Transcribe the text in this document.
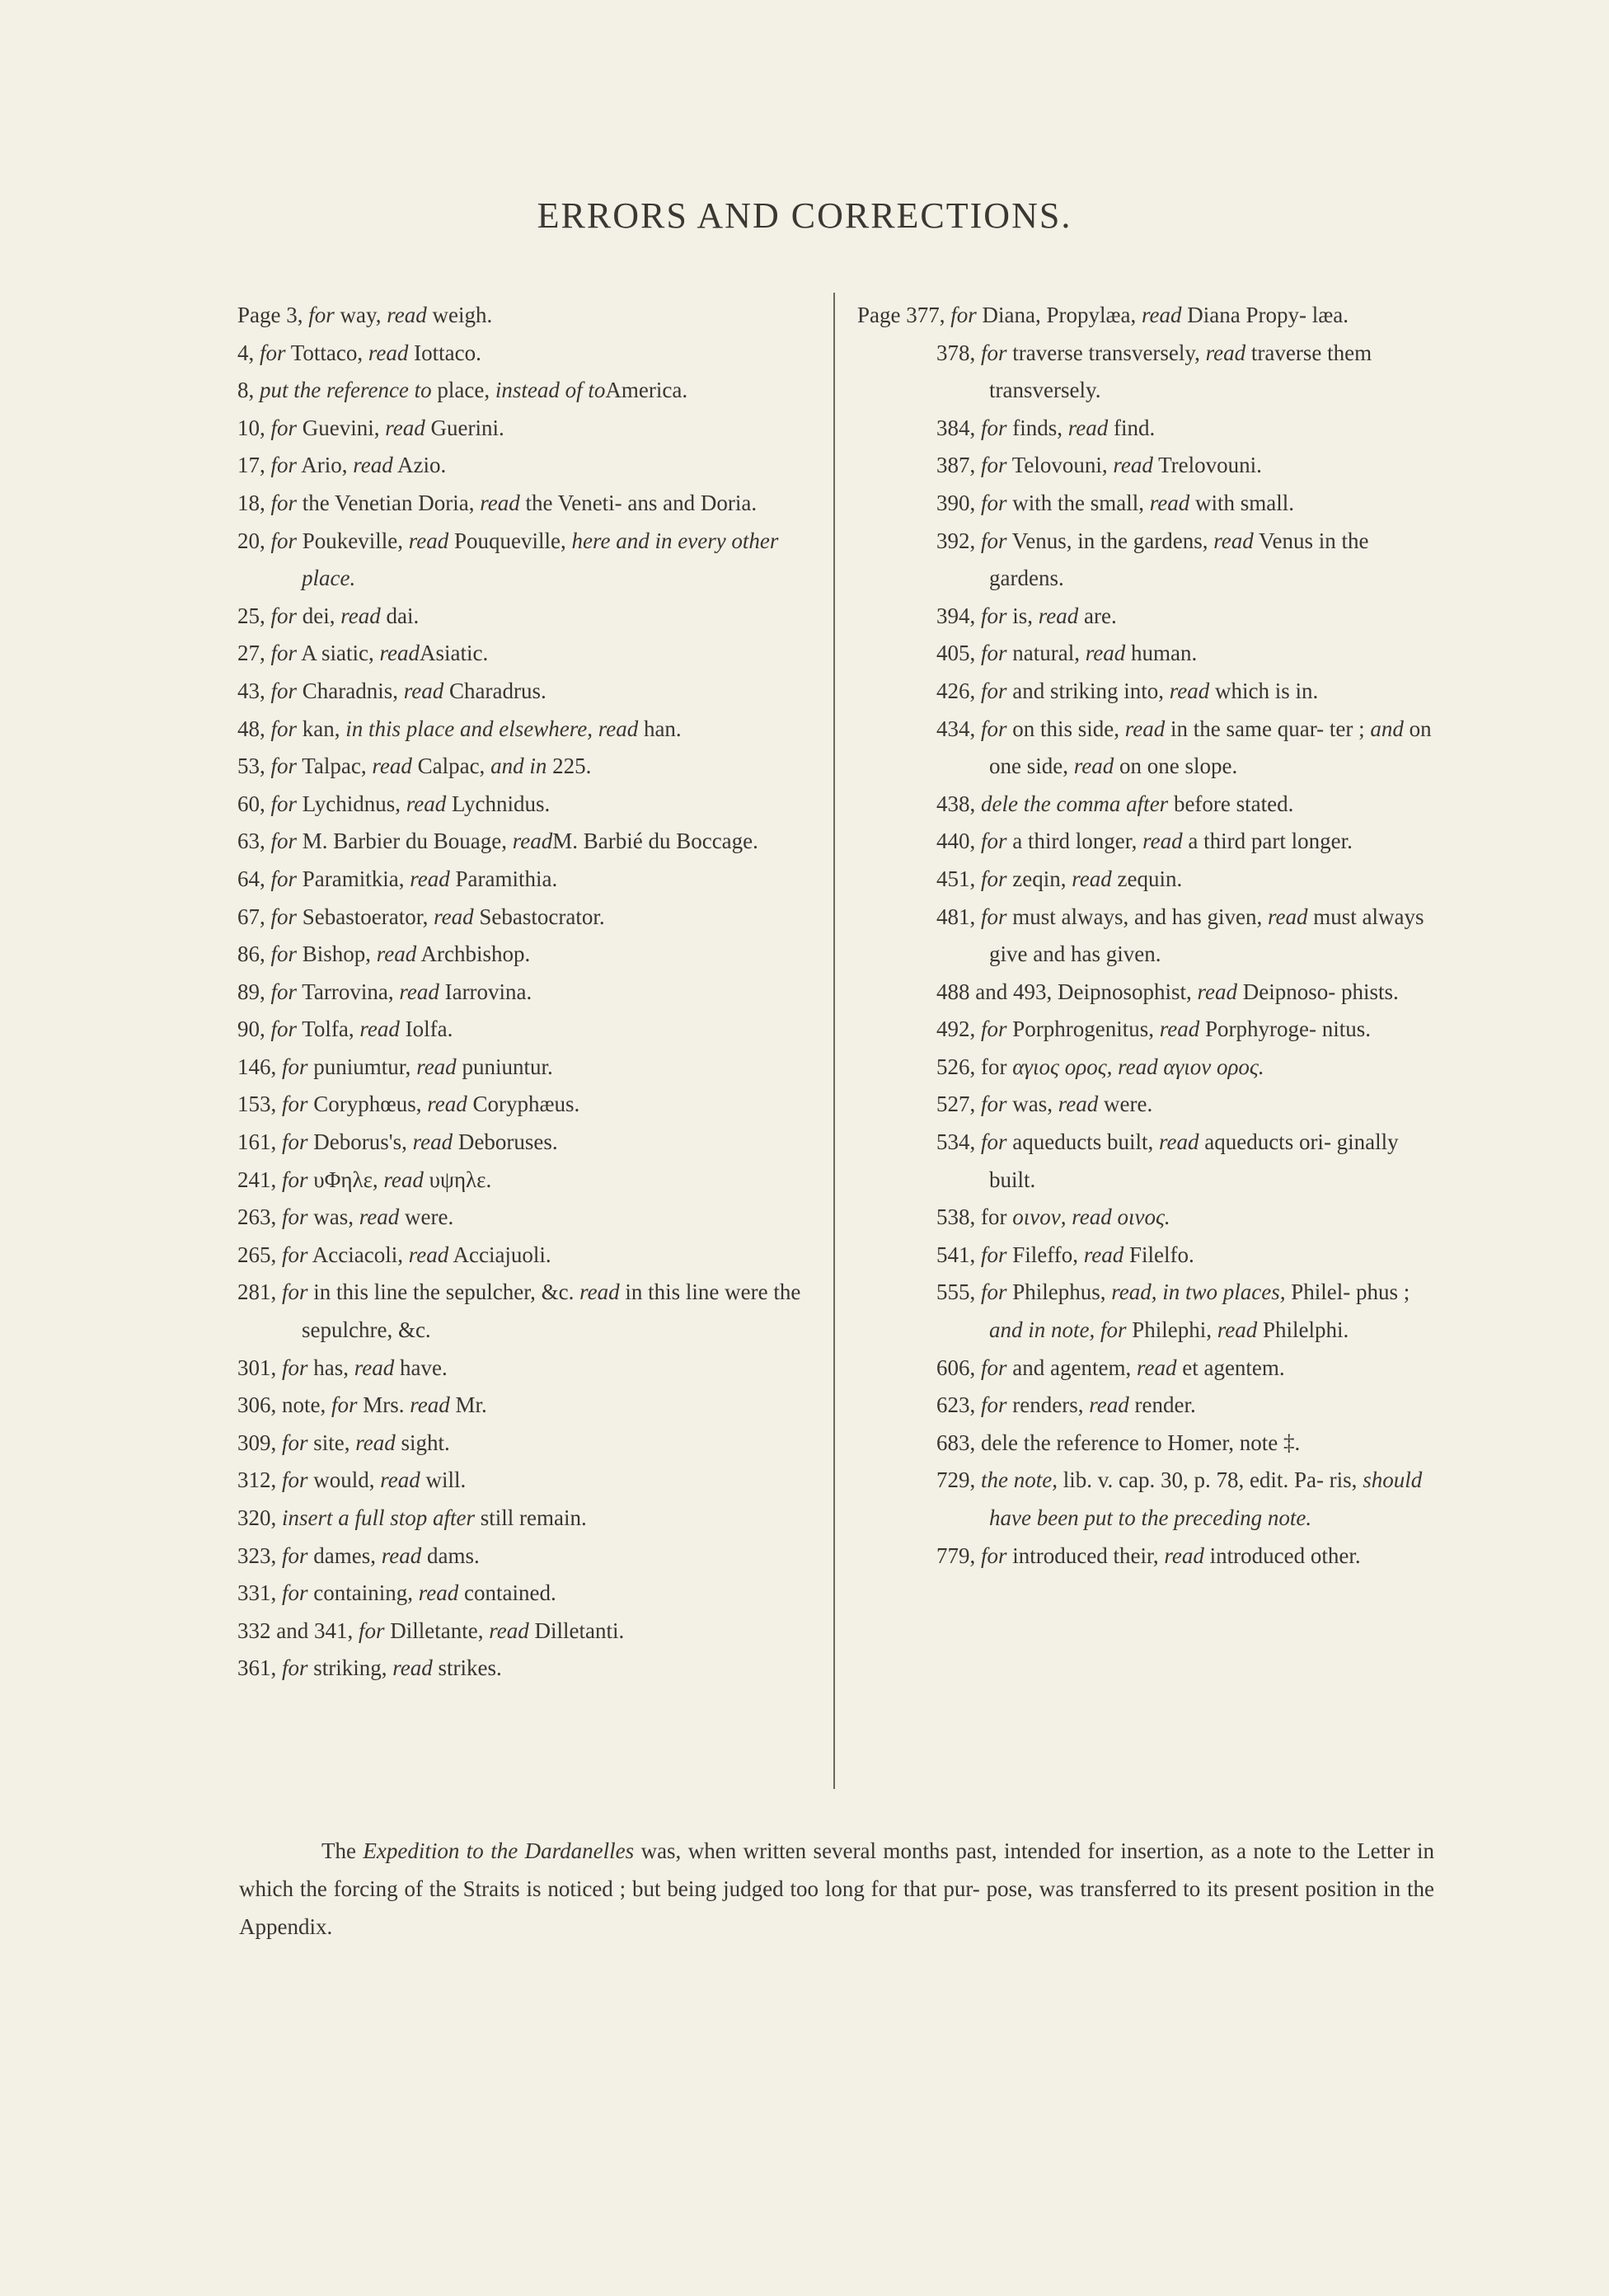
ERRORS AND CORRECTIONS.
Page 3, for way, read weigh.
4, for Tottaco, read Iottaco.
8, put the reference to place, instead of toAmerica.
10, for Guevini, read Guerini.
17, for Ario, read Azio.
18, for the Venetian Doria, read the Veneti- ans and Doria.
20, for Poukeville, read Pouqueville, here and in every other place.
25, for dei, read dai.
27, for A siatic, readAsiatic.
43, for Charadnis, read Charadrus.
48, for kan, in this place and elsewhere, read han.
53, for Talpac, read Calpac, and in 225.
60, for Lychidnus, read Lychnidus.
63, for M. Barbier du Bouage, readM. Barbié du Boccage.
64, for Paramitkia, read Paramithia.
67, for Sebastoerator, read Sebastocrator.
86, for Bishop, read Archbishop.
89, for Tarrovina, read Iarrovina.
90, for Tolfa, read Iolfa.
146, for puniumtur, read puniuntur.
153, for Coryphœus, read Coryphæus.
161, for Deborus's, read Deboruses.
241, for υΦηλε, read υψηλε.
263, for was, read were.
265, for Acciacoli, read Acciajuoli.
281, for in this line the sepulcher, &c. read in this line were the sepulchre, &c.
301, for has, read have.
306, note, for Mrs. read Mr.
309, for site, read sight.
312, for would, read will.
320, insert a full stop after still remain.
323, for dames, read dams.
331, for containing, read contained.
332 and 341, for Dilletante, read Dilletanti.
361, for striking, read strikes.
Page 377, for Diana, Propylæa, read Diana Propy- læa.
378, for traverse transversely, read traverse them transversely.
384, for finds, read find.
387, for Telovouni, read Trelovouni.
390, for with the small, read with small.
392, for Venus, in the gardens, read Venus in the gardens.
394, for is, read are.
405, for natural, read human.
426, for and striking into, read which is in.
434, for on this side, read in the same quar- ter ; and on one side, read on one slope.
438, dele the comma after before stated.
440, for a third longer, read a third part longer.
451, for zeqin, read zequin.
481, for must always, and has given, read must always give and has given.
488 and 493, Deipnosophist, read Deipnoso- phists.
492, for Porphrogenitus, read Porphyroge- nitus.
526, for αγιος ορος, read αγιον ορος.
527, for was, read were.
534, for aqueducts built, read aqueducts ori- ginally built.
538, for οινον, read οινος.
541, for Fileffo, read Filelfo.
555, for Philephus, read, in two places, Philel- phus ; and in note, for Philephi, read Philelphi.
606, for and agentem, read et agentem.
623, for renders, read render.
683, dele the reference to Homer, note ‡.
729, the note, lib. v. cap. 30, p. 78, edit. Pa- ris, should have been put to the preceding note.
779, for introduced their, read introduced other.
The Expedition to the Dardanelles was, when written several months past, intended for insertion, as a note to the Letter in which the forcing of the Straits is noticed ; but being judged too long for that pur- pose, was transferred to its present position in the Appendix.
